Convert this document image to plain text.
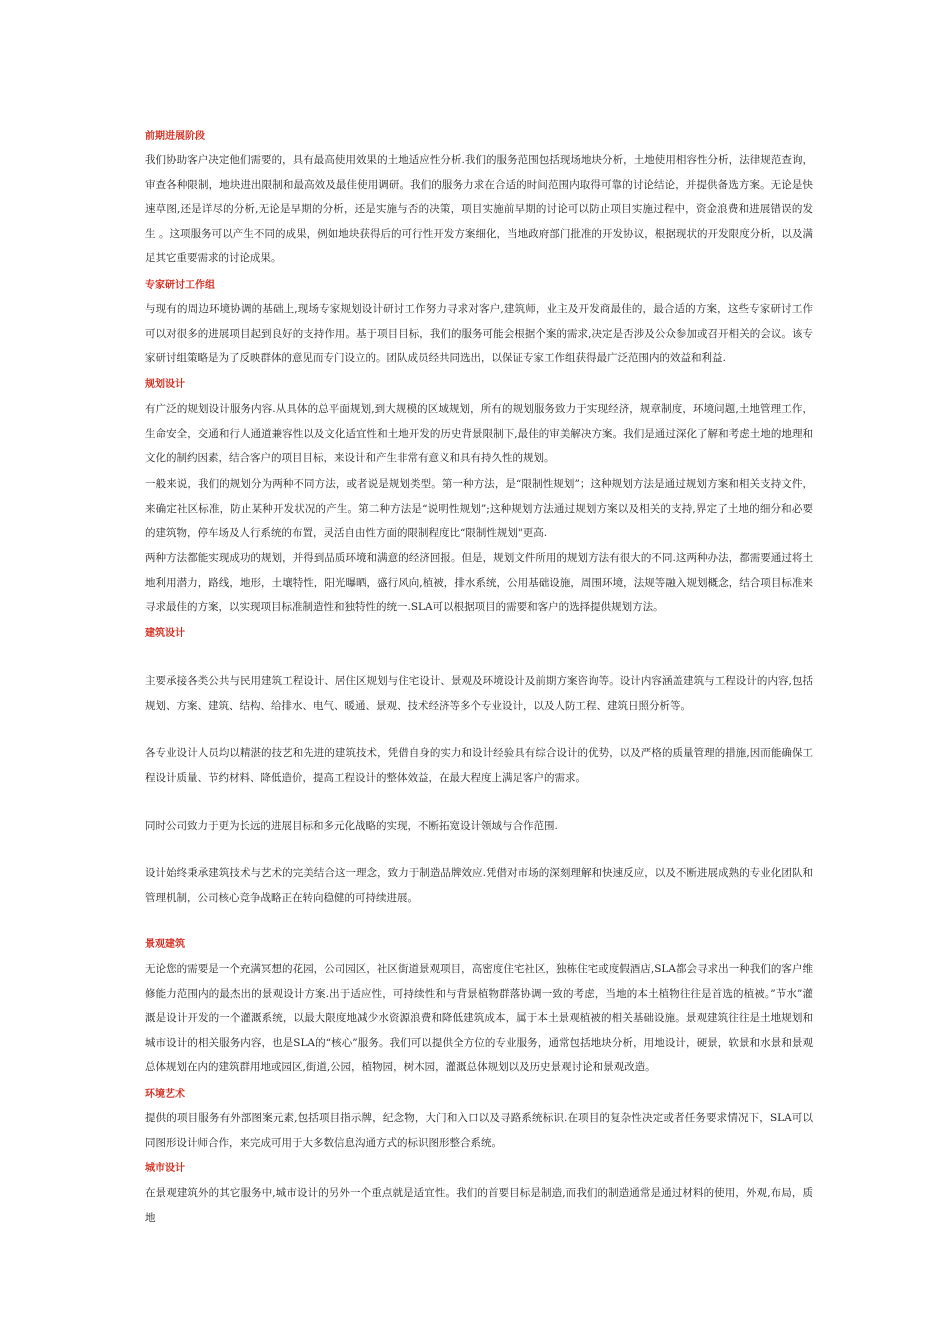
前期进展阶段

我们协助客户决定他们需要的，具有最高使用效果的土地适应性分析.我们的服务范围包括现场地块分析，土地使用相容性分析，法律规范查询，审查各种限制，地块进出限制和最高效及最佳使用调研。我们的服务力求在合适的时间范围内取得可靠的讨论结论，并提供备选方案。无论是快速草图,还是详尽的分析,无论是早期的分析，还是实施与否的决策，项目实施前早期的讨论可以防止项目实施过程中，资金浪费和进展错误的发生 。这项服务可以产生不同的成果，例如地块获得后的可行性开发方案细化，当地政府部门批准的开发协议，根据现状的开发限度分析，以及满足其它重要需求的讨论成果。

专家研讨工作组

与现有的周边环境协调的基础上,现场专家规划设计研讨工作努力寻求对客户,建筑师，业主及开发商最佳的，最合适的方案，这些专家研讨工作可以对很多的进展项目起到良好的支持作用。基于项目目标，我们的服务可能会根据个案的需求,决定是否涉及公众参加或召开相关的会议。该专家研讨组策略是为了反映群体的意见而专门设立的。团队成员经共同选出，以保证专家工作组获得最广泛范围内的效益和利益.

规划设计

有广泛的规划设计服务内容.从具体的总平面规划,到大规模的区域规划，所有的规划服务致力于实现经济，规章制度，环境问题,土地管理工作，生命安全，交通和行人通道兼容性以及文化适宜性和土地开发的历史背景限制下,最佳的审美解决方案。我们是通过深化了解和考虑土地的地理和文化的制约因素，结合客户的项目目标，来设计和产生非常有意义和具有持久性的规划。

一般来说，我们的规划分为两种不同方法，或者说是规划类型。第一种方法，是“限制性规划”；这种规划方法是通过规划方案和相关支持文件，来确定社区标准，防止某种开发状况的产生。第二种方法是“说明性规划”;这种规划方法通过规划方案以及相关的支持,界定了土地的细分和必要的建筑物，停车场及人行系统的布置，灵活自由性方面的限制程度比“限制性规划"更高.

两种方法都能实现成功的规划，并得到品质环境和满意的经济回报。但是，规划文件所用的规划方法有很大的不同.这两种办法，都需要通过将土地利用潜力，路线，地形，土壤特性，阳光曝晒，盛行风向,植被，排水系统，公用基础设施，周围环境，法规等融入规划概念，结合项目标准来寻求最佳的方案，以实现项目标准制造性和独特性的统一.SLA可以根据项目的需要和客户的选择提供规划方法。

建筑设计

主要承接各类公共与民用建筑工程设计、居住区规划与住宅设计、景观及环境设计及前期方案咨询等。设计内容涵盖建筑与工程设计的内容,包括规划、方案、建筑、结构、给排水、电气、暖通、景观、技术经济等多个专业设计，以及人防工程、建筑日照分析等。

各专业设计人员均以精湛的技艺和先进的建筑技术，凭借自身的实力和设计经验具有综合设计的优势，以及严格的质量管理的措施,因而能确保工程设计质量、节约材料、降低造价，提高工程设计的整体效益，在最大程度上满足客户的需求。

同时公司致力于更为长远的进展目标和多元化战略的实现，不断拓宽设计领域与合作范围.

设计始终秉承建筑技术与艺术的完美结合这一理念，致力于制造品牌效应.凭借对市场的深刻理解和快速反应，以及不断进展成熟的专业化团队和管理机制，公司核心竞争战略正在转向稳健的可持续进展。

景观建筑

无论您的需要是一个充满冥想的花园，公司园区，社区街道景观项目，高密度住宅社区，独栋住宅或度假酒店,SLA都会寻求出一种我们的客户维修能力范围内的最杰出的景观设计方案.出于适应性，可持续性和与背景植物群落协调一致的考虑，当地的本土植物往往是首选的植被。”节水”灌溉是设计开发的一个灌溉系统，以最大限度地减少水资源浪费和降低建筑成本，属于本土景观植被的相关基础设施。景观建筑往往是土地规划和城市设计的相关服务内容，也是SLA的“核心”服务。我们可以提供全方位的专业服务，通常包括地块分析，用地设计，硬景，软景和水景和景观总体规划在内的建筑群用地或园区,街道,公园，植物园，树木园，灌溉总体规划以及历史景观讨论和景观改造。

环境艺术

提供的项目服务有外部图案元素,包括项目指示牌，纪念物，大门和入口以及寻路系统标识.在项目的复杂性决定或者任务要求情况下，SLA可以同图形设计师合作，来完成可用于大多数信息沟通方式的标识图形整合系统。

城市设计

在景观建筑外的其它服务中,城市设计的另外一个重点就是适宜性。我们的首要目标是制造,而我们的制造通常是通过材料的使用，外观,布局，质地
